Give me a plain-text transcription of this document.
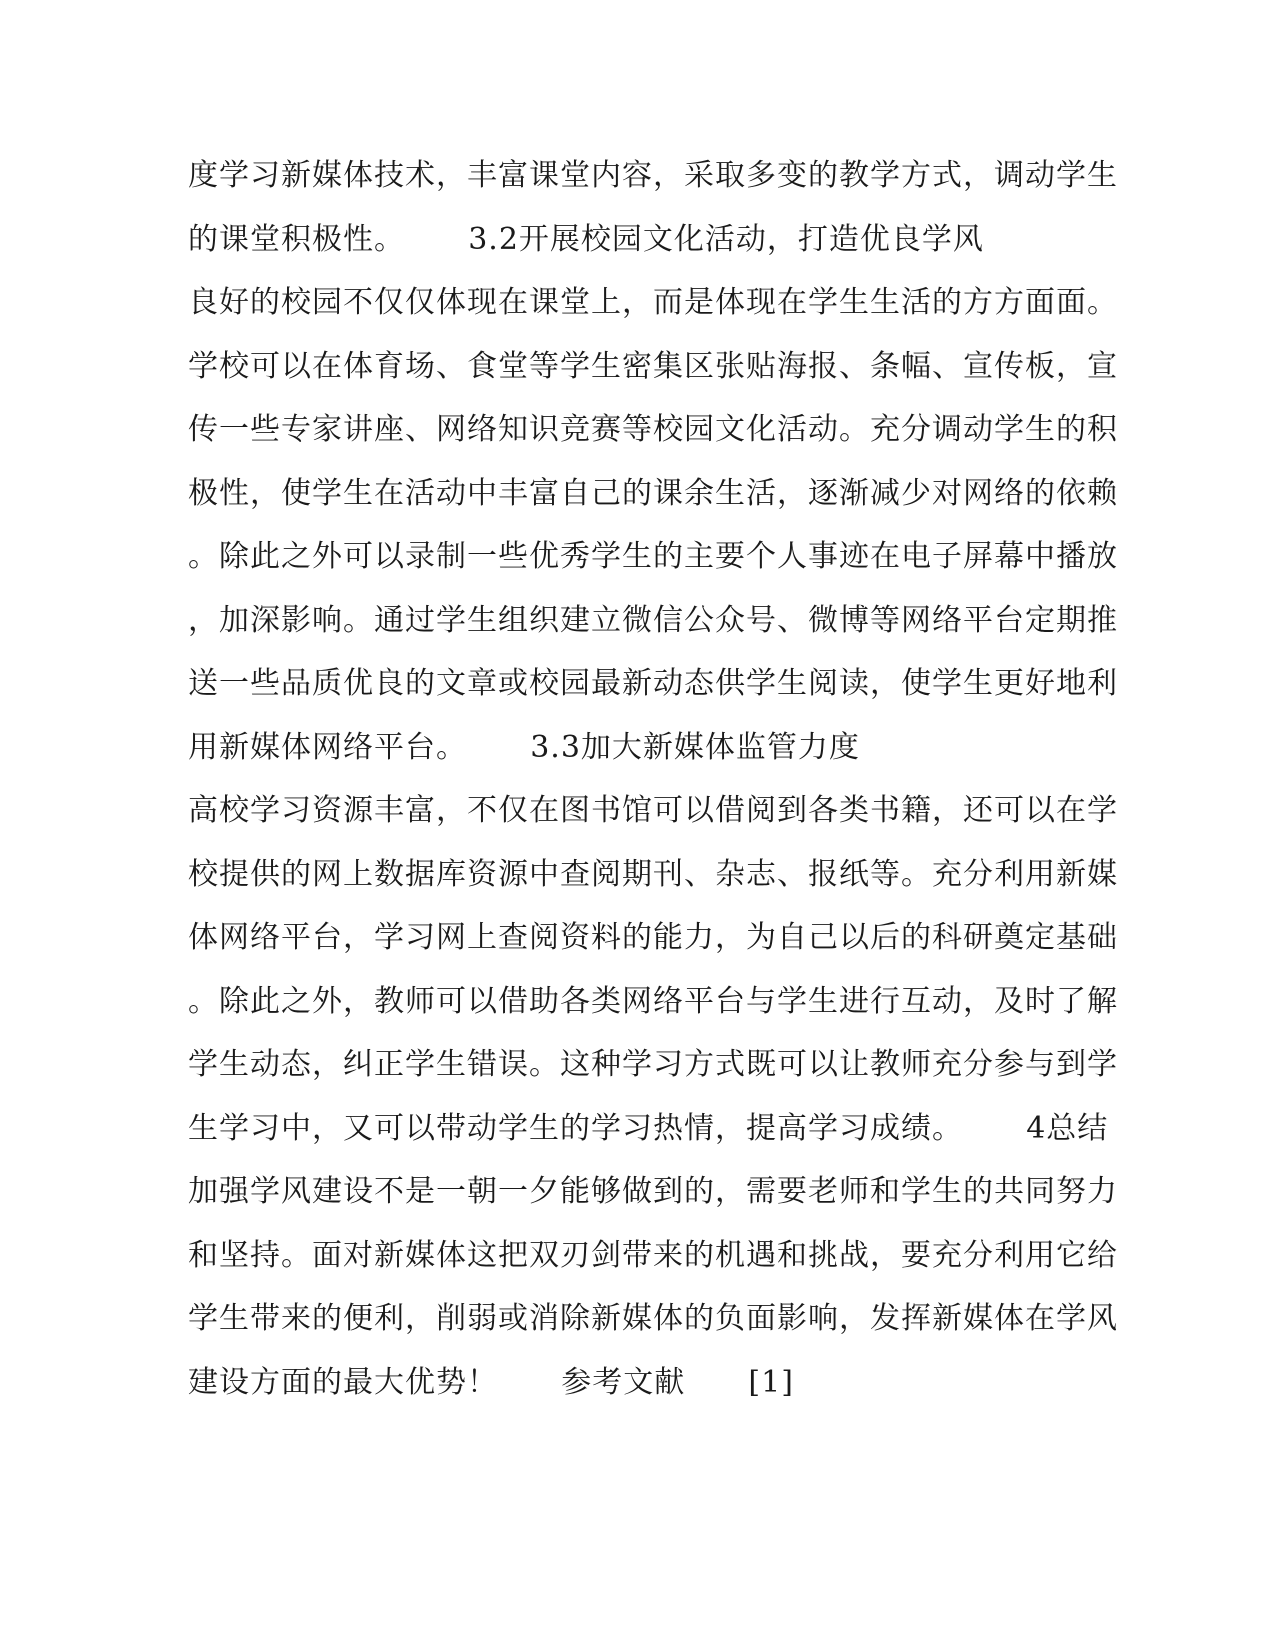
度学习新媒体技术，丰富课堂内容，采取多变的教学方式，调动学生
的课堂积极性。      3.2开展校园文化活动，打造优良学风
良好的校园不仅仅体现在课堂上，而是体现在学生生活的方方面面。
学校可以在体育场、食堂等学生密集区张贴海报、条幅、宣传板，宣
传一些专家讲座、网络知识竞赛等校园文化活动。充分调动学生的积
极性，使学生在活动中丰富自己的课余生活，逐渐减少对网络的依赖
。除此之外可以录制一些优秀学生的主要个人事迹在电子屏幕中播放
，加深影响。通过学生组织建立微信公众号、微博等网络平台定期推
送一些品质优良的文章或校园最新动态供学生阅读，使学生更好地利
用新媒体网络平台。      3.3加大新媒体监管力度
高校学习资源丰富，不仅在图书馆可以借阅到各类书籍，还可以在学
校提供的网上数据库资源中查阅期刊、杂志、报纸等。充分利用新媒
体网络平台，学习网上查阅资料的能力，为自己以后的科研奠定基础
。除此之外，教师可以借助各类网络平台与学生进行互动，及时了解
学生动态，纠正学生错误。这种学习方式既可以让教师充分参与到学
生学习中，又可以带动学生的学习热情，提高学习成绩。      4总结
加强学风建设不是一朝一夕能够做到的，需要老师和学生的共同努力
和坚持。面对新媒体这把双刃剑带来的机遇和挑战，要充分利用它给
学生带来的便利，削弱或消除新媒体的负面影响，发挥新媒体在学风
建设方面的最大优势！      参考文献      [1]
